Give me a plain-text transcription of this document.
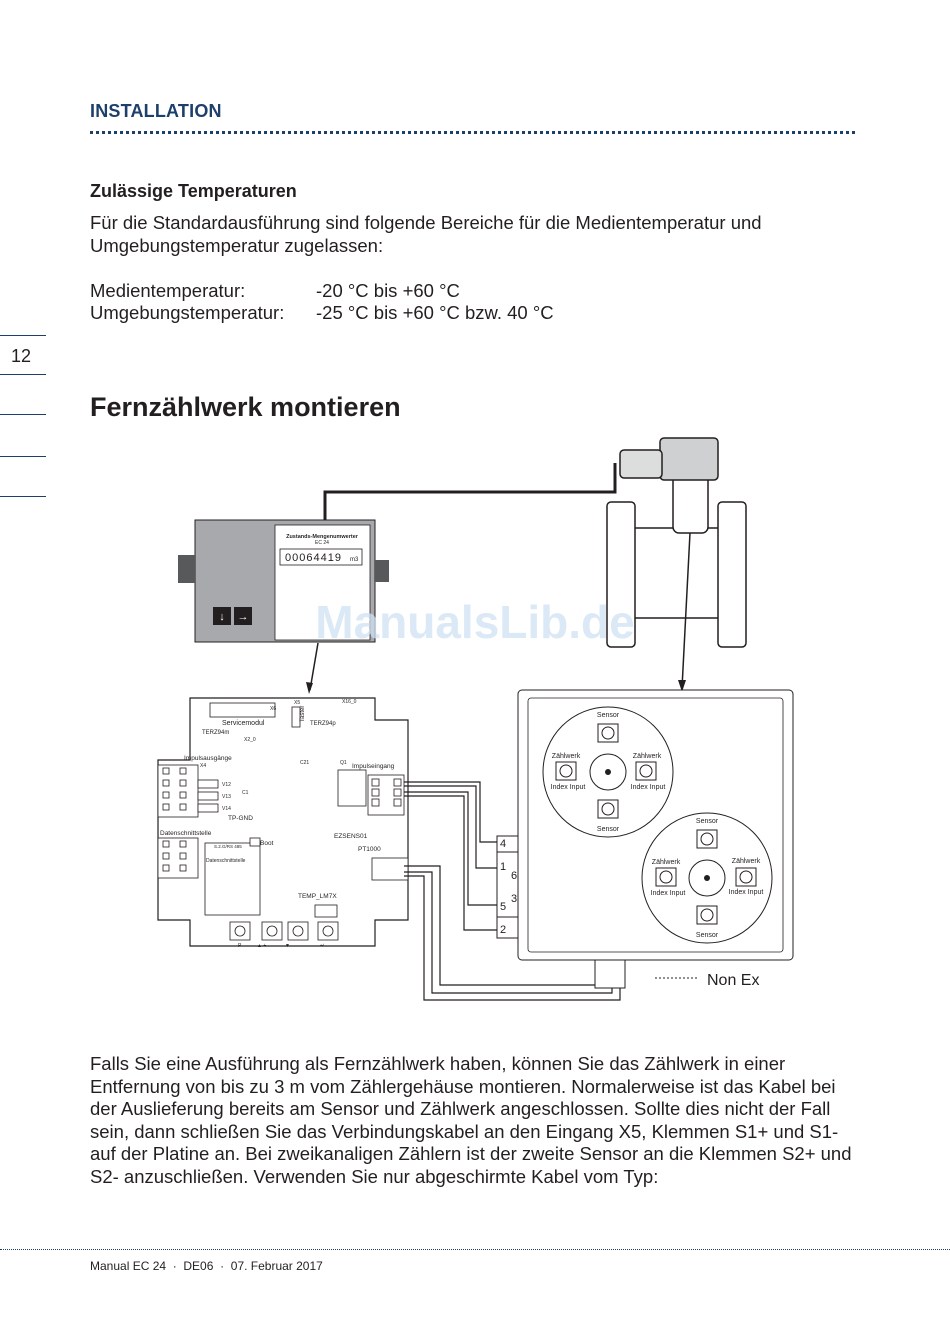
INSTALLATION
Zulässige Temperaturen
Für die Standardausführung sind folgende Bereiche für die Medientemperatur und Umgebungstemperatur zugelassen:
Medientemperatur:	-20 °C bis +60 °C
Umgebungstemperatur: -25 °C bis +60 °C bzw. 40 °C
12
Fernzählwerk montieren
Zustands-Mengenumwerter
EC 24
00064419 m3
↓ →
Servicemodul
X6
X5
Taster
X16_0
TERZ94p
TERZ94m
X2_0
Impulsausgänge
X4
V12
V13
V14
C1
C21	Q1 Impulseingang
TP-GND
Datenschnittstelle
Boot
S.2.G/RS 485
Datenschnittstelle
EZSENS01
PT1000
TEMP_LM7X
P	▲ +	▼ -	↵
4
1
6
3
5
2
Sensor
Sensor
Zählwerk	Zählwerk
Index Input	Index Input
Sensor
Sensor
Zählwerk	Zählwerk
Index Input	Index Input
Non Ex
ManualsLib.de
Falls Sie eine Ausführung als Fernzählwerk haben, können Sie das Zählwerk in einer Entfernung von bis zu 3 m vom Zählergehäuse montieren. Normalerweise ist das Kabel bei der Auslieferung bereits am Sensor und Zählwerk angeschlossen. Sollte dies nicht der Fall sein, dann schließen Sie das Verbindungskabel an den Eingang X5, Klemmen S1+ und S1- auf der Platine an. Bei zweikanaligen Zählern ist der zweite Sensor an die Klemmen S2+ und S2- anzuschließen. Verwenden Sie nur abgeschirmte Kabel vom Typ:
Manual EC 24  ·  DE06  ·  07. Februar 2017
